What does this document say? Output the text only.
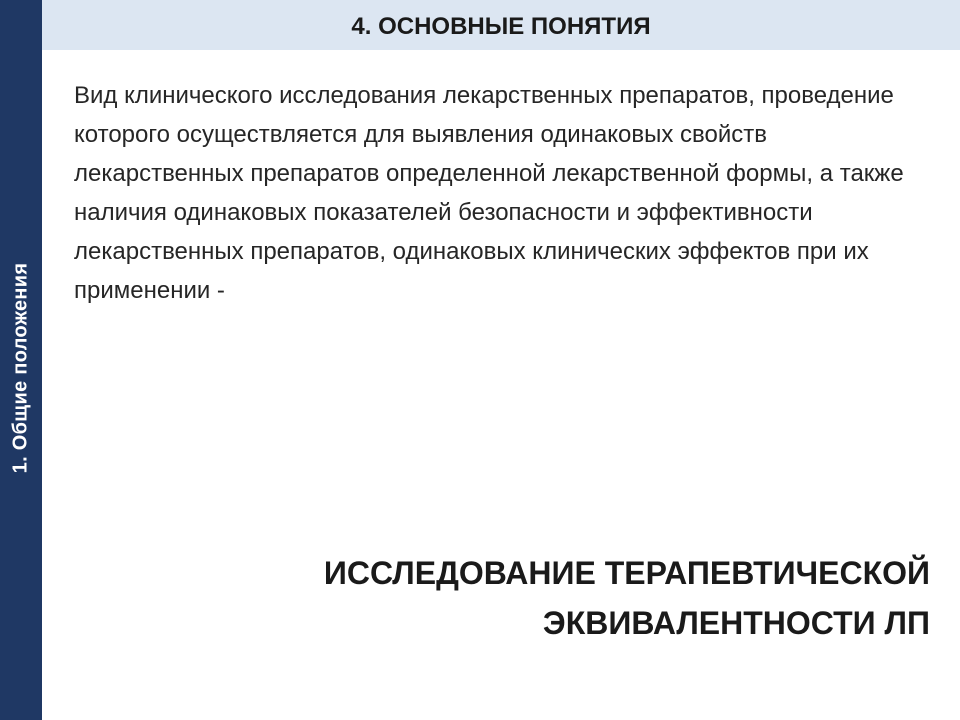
1. Общие положения
4. ОСНОВНЫЕ ПОНЯТИЯ

Вид клинического исследования лекарственных препаратов, проведение которого осуществляется для выявления одинаковых свойств лекарственных препаратов определенной лекарственной формы, а также наличия одинаковых показателей безопасности и эффективности лекарственных препаратов, одинаковых клинических эффектов при их применении -

ИССЛЕДОВАНИЕ ТЕРАПЕВТИЧЕСКОЙ
ЭКВИВАЛЕНТНОСТИ ЛП
